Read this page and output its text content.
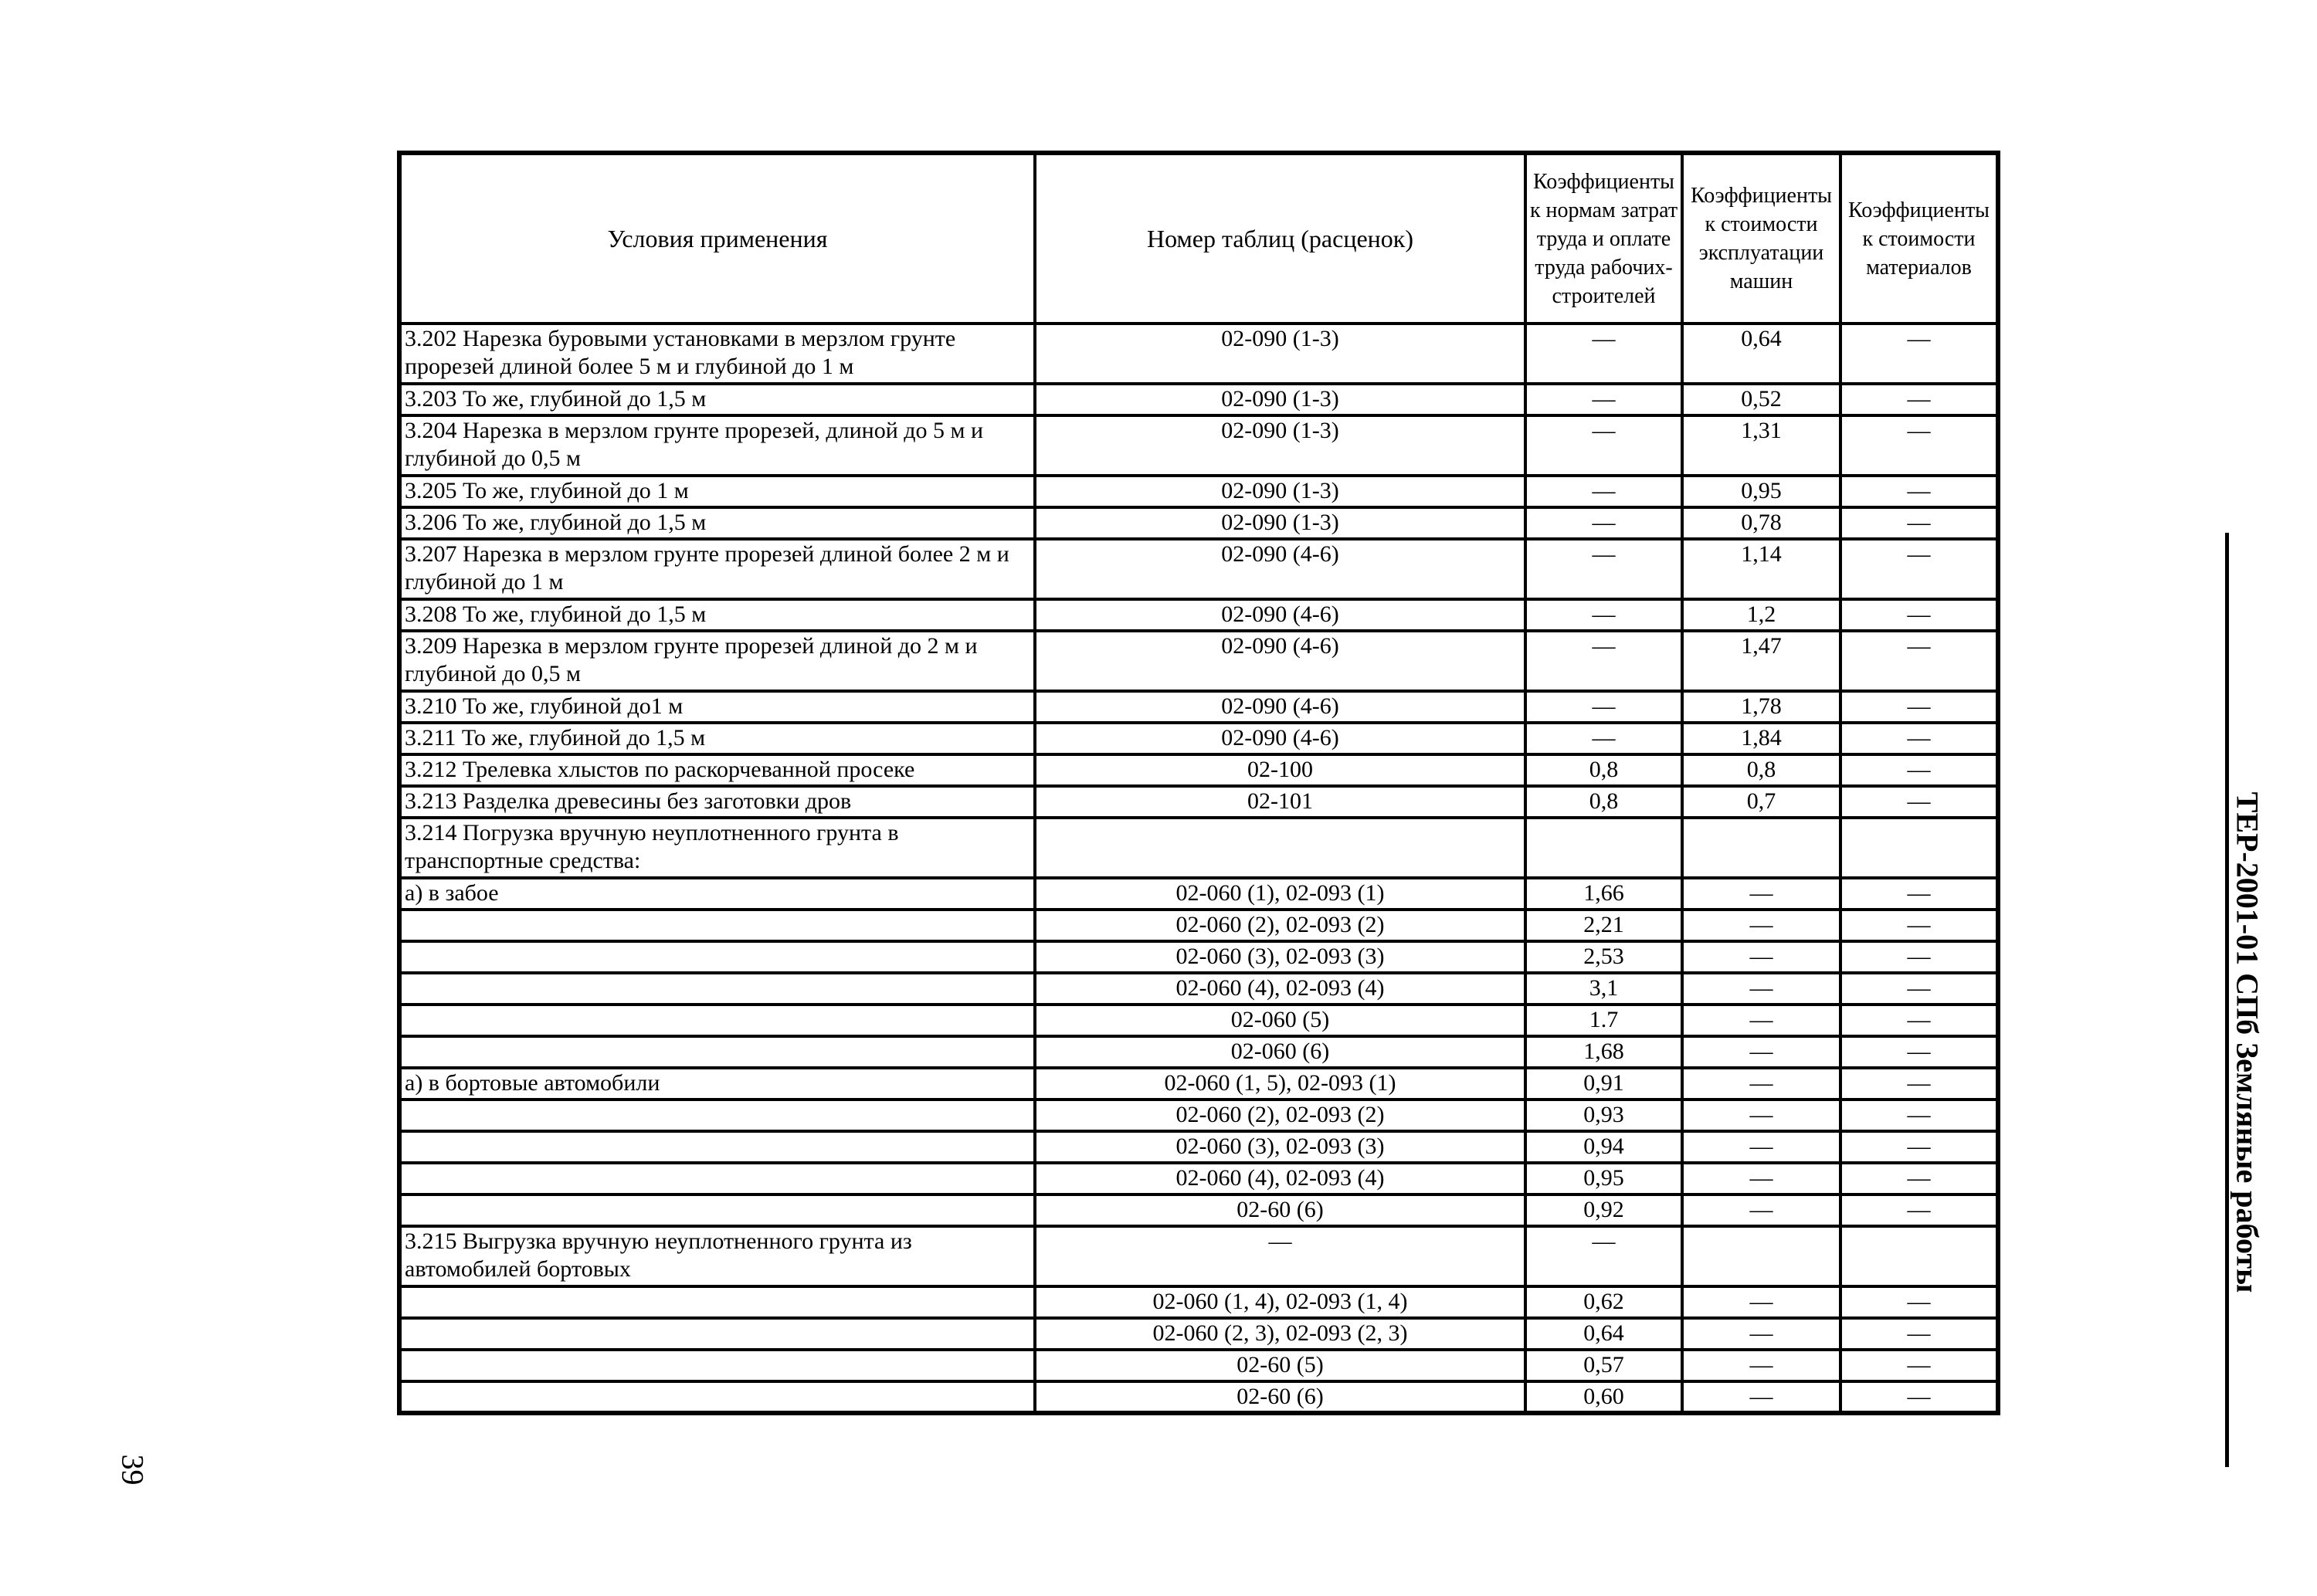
Условия применения	Номер таблиц (расценок)	Коэффициенты к нормам затрат труда и оплате труда рабочих-строителей	Коэффициенты к стоимости эксплуатации машин	Коэффициенты к стоимости материалов
3.202 Нарезка буровыми установками в мерзлом грунте прорезей длиной более 5 м и глубиной до 1 м	02-090 (1-3)	—	0,64	—
3.203 То же, глубиной до 1,5 м	02-090 (1-3)	—	0,52	—
3.204 Нарезка в мерзлом грунте прорезей, длиной до 5 м и глубиной до 0,5 м	02-090 (1-3)	—	1,31	—
3.205 То же, глубиной до 1 м	02-090 (1-3)	—	0,95	—
3.206 То же, глубиной до 1,5 м	02-090 (1-3)	—	0,78	—
3.207 Нарезка в мерзлом грунте прорезей длиной более 2 м и глубиной до 1 м	02-090 (4-6)	—	1,14	—
3.208 То же, глубиной до 1,5 м	02-090 (4-6)	—	1,2	—
3.209 Нарезка в мерзлом грунте прорезей длиной до 2 м и глубиной до 0,5 м	02-090 (4-6)	—	1,47	—
3.210 То же, глубиной до1 м	02-090 (4-6)	—	1,78	—
3.211 То же, глубиной до 1,5 м	02-090 (4-6)	—	1,84	—
3.212 Трелевка хлыстов по раскорчеванной просеке	02-100	0,8	0,8	—
3.213 Разделка древесины без заготовки дров	02-101	0,8	0,7	—
3.214 Погрузка вручную неуплотненного грунта в транспортные средства:				
а) в забое	02-060 (1), 02-093 (1)	1,66	—	—
	02-060 (2), 02-093 (2)	2,21	—	—
	02-060 (3), 02-093 (3)	2,53	—	—
	02-060 (4), 02-093 (4)	3,1	—	—
	02-060 (5)	1.7	—	—
	02-060 (6)	1,68	—	—
а) в бортовые автомобили	02-060 (1, 5), 02-093 (1)	0,91	—	—
	02-060 (2), 02-093 (2)	0,93	—	—
	02-060 (3), 02-093 (3)	0,94	—	—
	02-060 (4), 02-093 (4)	0,95	—	—
	02-60 (6)	0,92	—	—
3.215 Выгрузка вручную неуплотненного грунта из автомобилей бортовых	—	—		
	02-060 (1, 4), 02-093 (1, 4)	0,62	—	—
	02-060 (2, 3), 02-093 (2, 3)	0,64	—	—
	02-60 (5)	0,57	—	—
	02-60 (6)	0,60	—	—
39
ТЕР-2001-01 СПб Земляные работы
